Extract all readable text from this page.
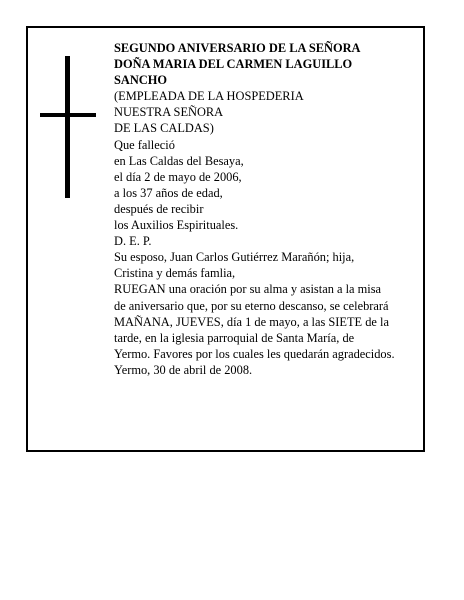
SEGUNDO ANIVERSARIO DE LA SEÑORA
DOÑA MARIA DEL CARMEN LAGUILLO
SANCHO
(EMPLEADA DE LA HOSPEDERIA
NUESTRA SEÑORA
DE LAS CALDAS)
Que falleció
en Las Caldas del Besaya,
el día 2 de mayo de 2006,
a los 37 años de edad,
después de recibir
los Auxilios Espirituales.
D. E. P.
Su esposo, Juan Carlos Gutiérrez Marañón; hija,
Cristina y demás famlia,
RUEGAN una oración por su alma y asistan a la misa
de aniversario que, por su eterno descanso, se celebrará
MAÑANA, JUEVES, día 1 de mayo, a las SIETE de la
tarde, en la iglesia parroquial de Santa María, de
Yermo. Favores por los cuales les quedarán agradecidos.
Yermo, 30 de abril de 2008.
